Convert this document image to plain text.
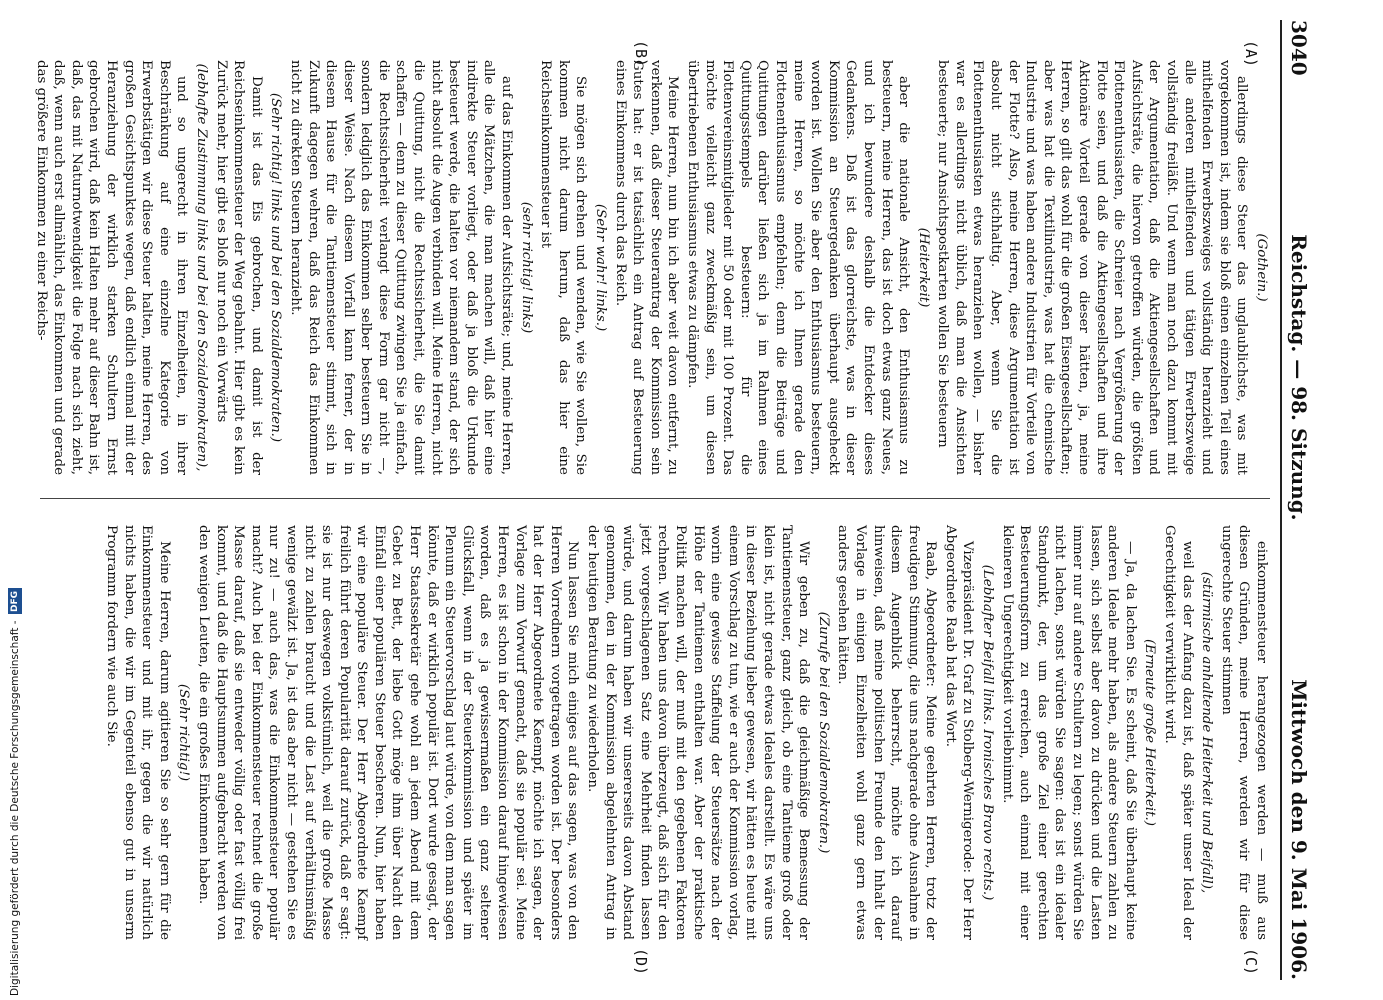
3040
Reichstag. — 98. Sitzung.
Mittwoch den 9. Mai 1906.
(A)
(B)
(C)
(D)

(Gothein.)

allerdings diese Steuer das unglaublichste, was mit vorgekommen ist, indem sie bloß einen einzelnen Teil eines mithelfenden Erwerbszweiges vollständig heranzieht und alle anderen mithelfenden und tätigen Erwerbszweige vollständig freiläßt. Und wenn man noch dazu kommt mit der Argumentation, daß die Aktiengesellschaften und Aufsichtsräte, die hiervon getroffen würden, die größten Flottenenthusiasten, die Schreier nach Vergrößerung der Flotte seien, und daß die Aktiengesellschaften und ihre Aktionäre Vorteil gerade von dieser hätten, ja, meine Herren, so gilt das wohl für die großen Eisengesellschaften; aber was hat die Textilindustrie, was hat die chemische Industrie und was haben andere Industrien für Vorteile von der Flotte? Also, meine Herren, diese Argumentation ist absolut nicht stichhaltig. Aber, wenn Sie die Flottenenthusiasten etwas heranziehen wollen, — bisher war es allerdings nicht üblich, daß man die Ansichten besteuerte; nur Ansichtspostkarten wollen Sie besteuern

(Heiterkeit)

aber die nationale Ansicht, den Enthusiasmus zu besteuern, meine Herren, das ist doch etwas ganz Neues, und ich bewundere deshalb die Entdecker dieses Gedankens. Daß ist das glorreichste, was in dieser Kommission an Steuergedanken überhaupt ausgeheckt worden ist. Wollen Sie aber den Enthusiasmus besteuern, meine Herren, so möchte ich Ihnen gerade den Flottenenthusiasmus empfehlen; denn die Beiträge und Quittungen darüber ließen sich ja im Rahmen eines Quittungsstempels besteuern: für die Flottenvereinsmitglieder mit 50 oder mit 100 Prozent. Das möchte vielleicht ganz zweckmäßig sein, um diesen übertriebenen Enthusiasmus etwas zu dämpfen.

Meine Herren, nun bin ich aber weit davon entfernt, zu verkennen, daß dieser Steuerantrag der Kommission sein Gutes hat: er ist tatsächlich ein Antrag auf Besteuerung eines Einkommens durch das Reich.

(Sehr wahr! links.)

Sie mögen sich drehen und wenden, wie Sie wollen, Sie kommen nicht darum herum, daß das hier eine Reichseinkommensteuer ist

(sehr richtig! links)

auf das Einkommen der Aufsichtsräte; und, meine Herren, alle die Mätzchen, die man machen will, daß hier eine indirekte Steuer vorliegt, oder daß ja bloß die Urkunde besteuert werde, die halten vor niemandem stand, der sich nicht absolut die Augen verbinden will. Meine Herren, nicht die Quittung, nicht die Rechtssicherheit, die Sie damit schaffen — denn zu dieser Quittung zwingen Sie ja einfach, die Rechtssicherheit verlangt diese Form gar nicht —, sondern lediglich das Einkommen selber besteuern Sie in dieser Weise. Nach diesem Vorfall kann ferner, der in diesem Hause für die Tantiemensteuer stimmt, sich in Zukunft dagegen wehren, daß das Reich das Einkommen nicht zu direkten Steuern heranzieht.

(Sehr richtig! links und bei den Sozialdemokraten.)

Damit ist das Eis gebrochen, und damit ist der Reichseinkommensteuer der Weg gebahnt. Hier gibt es kein Zurück mehr, hier gibt es bloß nur noch ein Vorwärts

(lebhafte Zustimmung links und bei den Sozialdemokraten),

und so ungerecht in ihren Einzelheiten, in ihrer Beschränkung auf eine einzelne Kategorie von Erwerbstätigen wir diese Steuer halten, meine Herren, des großen Gesichtspunktes wegen, daß endlich einmal mit der Heranziehung der wirklich starken Schultern Ernst gebrochen wird, daß kein Halten mehr auf dieser Bahn ist, daß, das mit Naturnotwendigkeit die Folge nach sich zieht, daß, wenn auch erst allmählich, das Einkommen und gerade das größere Einkommen zu einer Reichs-

einkommensteuer herangezogen werden — muß aus diesen Gründen, meine Herren, werden wir für diese ungerechte Steuer stimmen

(stürmische anhaltende Heiterkeit und Beifall),

weil das der Anfang dazu ist, daß später unser Ideal der Gerechtigkeit verwirklicht wird.

(Erneute große Heiterkeit.)

— Ja, da lachen Sie. Es scheint, daß Sie überhaupt keine anderen Ideale mehr haben, als andere Steuern zahlen zu lassen, sich selbst aber davon zu drücken und die Lasten immer nur auf andere Schultern zu legen; sonst würden Sie nicht lachen, sonst würden Sie sagen: das ist ein idealer Standpunkt, der, um das große Ziel einer gerechten Besteuerungsform zu erreichen, auch einmal mit einer kleineren Ungerechtigkeit vorliebnimmt.

(Lebhafter Beifall links. Ironisches Bravo rechts.)

Vizepräsident Dr. Graf zu Stolberg-Wernigerode: Der Herr Abgeordnete Raab hat das Wort.

Raab, Abgeordneter: Meine geehrten Herren, trotz der freudigen Stimmung, die uns nachgerade ohne Ausnahme in diesem Augenblick beherrscht, möchte ich darauf hinweisen, daß meine politischen Freunde den Inhalt der Vorlage in einigen Einzelheiten wohl ganz gern etwas anders gesehen hätten.

(Zurufe bei den Sozialdemokraten.)

Wir geben zu, daß die gleichmäßige Bemessung der Tantiemensteuer, ganz gleich, ob eine Tantieme groß oder klein ist, nicht gerade etwas Ideales darstellt. Es wäre uns in dieser Beziehung lieber gewesen, wir hätten es heute mit einem Vorschlag zu tun, wie er auch der Kommission vorlag, worin eine gewisse Staffelung der Steuersätze nach der Höhe der Tantiemen enthalten war. Aber der praktische Politik machen will, der muß mit den gegebenen Faktoren rechnen. Wir haben uns davon überzeugt, daß sich für den jetzt vorgeschlagenen Satz eine Mehrheit finden lassen würde, und darum haben wir unsererseits davon Abstand genommen, den in der Kommission abgelehnten Antrag in der heutigen Beratung zu wiederholen.

Nun lassen Sie mich einiges auf das sagen, was von den Herren Vorrednern vorgetragen worden ist. Der besonders hat der Herr Abgeordnete Kaempf, möchte ich sagen, der Vorlage zum Vorwurf gemacht, daß sie populär sei. Meine Herren, es ist schon in der Kommission darauf hingewiesen worden, daß es ja gewissermaßen ein ganz seltener Glücksfall, wenn in der Steuerkommission und später im Plenum ein Steuervorschlag laut würde, von dem man sagen könnte, daß er wirklich populär ist. Dort wurde gesagt, der Herr Staatssekretär gehe wohl an jedem Abend mit dem Gebet zu Bett, der liebe Gott möge ihm über Nacht den Einfall einer populären Steuer bescheren. Nun, hier haben wir eine populäre Steuer. Der Herr Abgeordnete Kaempf freilich führt deren Popularität darauf zurück, daß er sagt: sie ist nur deswegen volkstümlich, weil die große Masse nicht zu zahlen braucht und die Last auf verhältnismäßig wenige gewälzt ist. Ja, ist das aber nicht — gestehen Sie es nur zu! — auch das, was die Einkommensteuer populär macht? Auch bei der Einkommensteuer rechnet die große Masse darauf, daß sie entweder völlig oder fast völlig frei kommt, und daß die Hauptsummen aufgebracht werden von den wenigen Leuten, die ein großes Einkommen haben.

(Sehr richtig!)

Meine Herren, darum agitieren Sie so sehr gern für die Einkommensteuer und mit ihr, gegen die wir natürlich nichts haben, die wir im Gegenteil ebenso gut in unserm Programm fordern wie auch Sie.

Digitalisierung gefördert durch die Deutsche Forschungsgemeinschaft -
DFG
